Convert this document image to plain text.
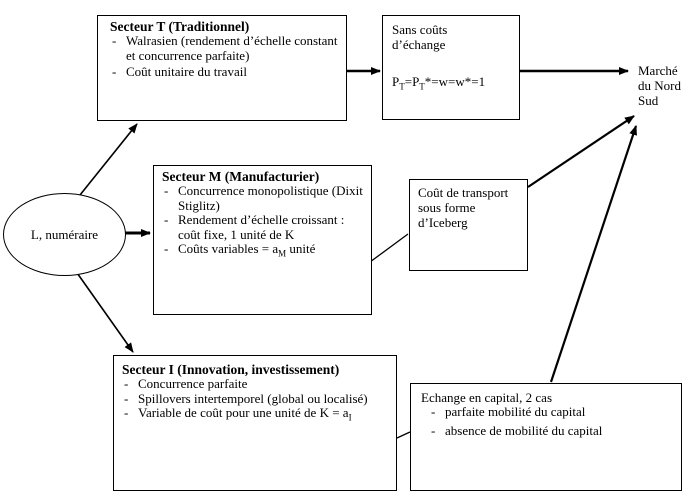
L, numéraire
Secteur T (Traditionnel)
- Walrasien (rendement d’échelle constant et concurrence parfaite)
- Coût unitaire du travail
Sans coûts
d’échange
$P_T=P_T*=w=w*=1$
Marché
du Nord
Sud
Secteur M (Manufacturier)
- Concurrence monopolistique (Dixit Stiglitz)
- Rendement d’échelle croissant : coût fixe, 1 unité de K
- Coûts variables = $a_M$ unité
Coût de transport sous forme d’Iceberg
Secteur I (Innovation, investissement)
- Concurrence parfaite
- Spillovers intertemporel (global ou localisé)
- Variable de coût pour une unité de $K = a_I$
Echange en capital, 2 cas
- parfaite mobilité du capital
- absence de mobilité du capital
